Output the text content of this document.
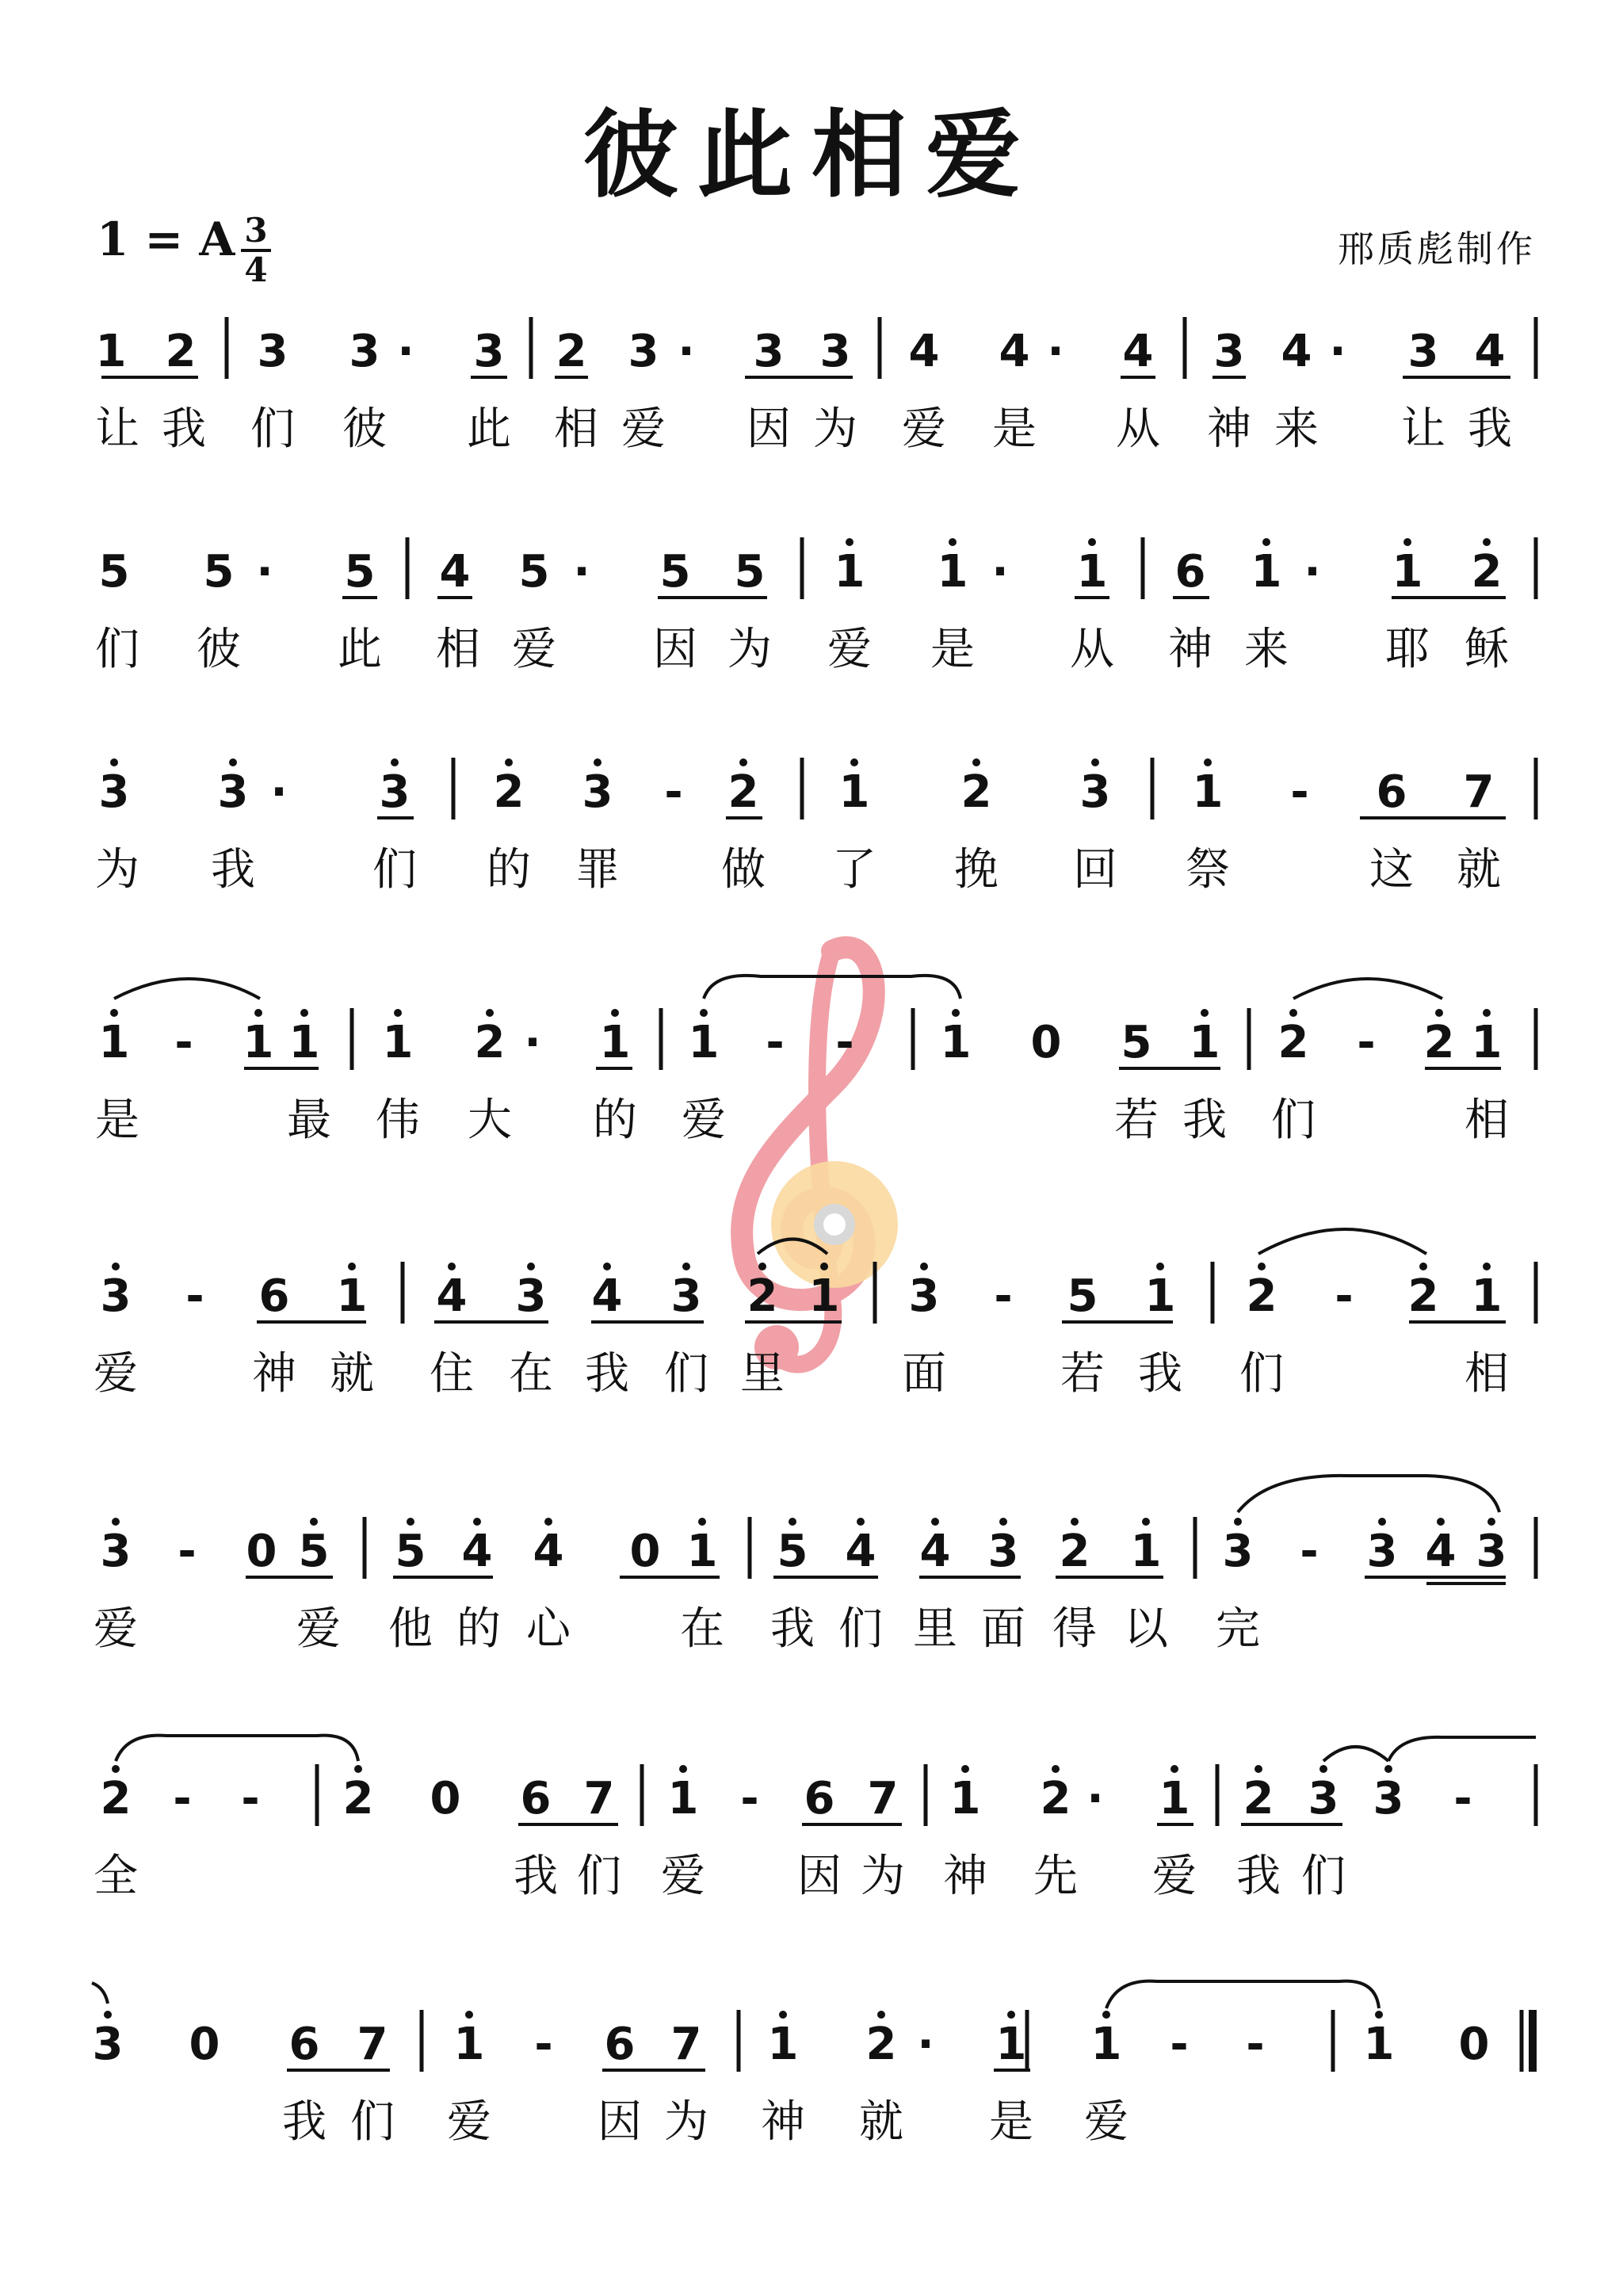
彼此相爱
1 = A 3
4	邢质彪制作
1 2 3 3 · 3 2 3 · 3 3 4 4 · 4 3 4 · 3 4
让 我 们 彼 此 相 爱 因 为 爱 是 从 神 来 让 我
5 5 · 5 4 5 · 5 5 1 1 · 1 6 1 · 1 2
们 彼 此 相 爱 因 为 爱 是 从 神 来 耶 稣
3 3 · 3 2 3 - 2 1 2 3 1 - 6 7
为 我	们 的 罪 做 了 挽 回 祭	这 就
1 - 1 1 1 2 · 1 1 - - 1 0 5 1 2 - 2 1
是	最 伟 大 的 爱	若 我 们	相
3 - 6 1 4 3 4 3 2 1 3 - 5 1 2 - 2 1
爱	神 就 住 在 我 们 里	面	若 我 们	相
3 - 0 5 5 4 4 0 1 5 4 4 3 2 1 3 - 3 4 3
爱	爱 他 的 心 在 我 们 里 面 得 以 完
2 - - 2 0 6 7 1 - 6 7 1 2 · 1 2 3 3 -
全	我 们 爱 因 为 神 先 爱 我 们
3 0 6 7 1 - 6 7 1 2 · 1 1 - - 1 0
我 们 爱 因 为 神 就 是 爱
